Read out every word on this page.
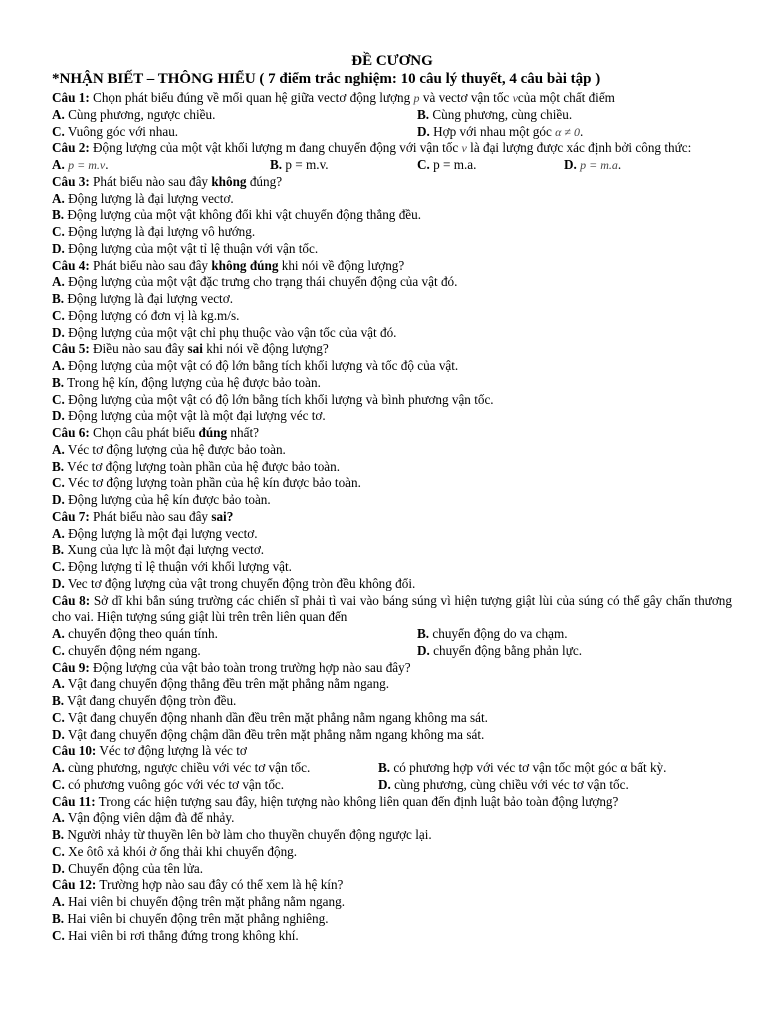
ĐỀ CƯƠNG
*NHẬN BIẾT – THÔNG HIỂU ( 7 điểm trắc nghiệm: 10 câu lý thuyết, 4 câu bài tập )
Câu 1: Chọn phát biểu đúng về mối quan hệ giữa vectơ động lượng p và vectơ vận tốc vcủa một chất điểm
A. Cùng phương, ngược chiều.	B. Cùng phương, cùng chiều.
C. Vuông góc với nhau.	D. Hợp với nhau một góc α ≠ 0.
Câu 2: Động lượng của một vật khối lượng m đang chuyển động với vận tốc v là đại lượng được xác định bởi công thức:
A. p = m.v.	B. p = m.v.	C. p = m.a.	D. p = m.a.
Câu 3: Phát biểu nào sau đây không đúng?
A. Động lượng là đại lượng vectơ.
B. Động lượng của một vật không đổi khi vật chuyển động thẳng đều.
C. Động lượng là đại lượng vô hướng.
D. Động lượng của một vật tỉ lệ thuận với vận tốc.
Câu 4: Phát biểu nào sau đây không đúng khi nói về động lượng?
A. Động lượng của một vật đặc trưng cho trạng thái chuyển động của vật đó.
B. Động lượng là đại lượng vectơ.
C. Động lượng có đơn vị là kg.m/s.
D. Động lượng của một vật chỉ phụ thuộc vào vận tốc của vật đó.
Câu 5: Điều nào sau đây sai khi nói về động lượng?
A. Động lượng của một vật có độ lớn bằng tích khối lượng và tốc độ của vật.
B. Trong hệ kín, động lượng của hệ được bảo toàn.
C. Động lượng của một vật có độ lớn bằng tích khối lượng và bình phương vận tốc.
D. Động lượng của một vật là một đại lượng véc tơ.
Câu 6: Chọn câu phát biểu đúng nhất?
A. Véc tơ động lượng của hệ được bảo toàn.
B. Véc tơ động lượng toàn phần của hệ được bảo toàn.
C. Véc tơ động lượng toàn phần của hệ kín được bảo toàn.
D. Động lượng của hệ kín được bảo toàn.
Câu 7: Phát biểu nào sau đây sai?
A. Động lượng là một đại lượng vectơ.
B. Xung của lực là một đại lượng vectơ.
C. Động lượng tỉ lệ thuận với khối lượng vật.
D. Vec tơ động lượng của vật trong chuyển động tròn đều không đổi.
Câu 8: Sở dĩ khi bắn súng trường các chiến sĩ phải tì vai vào báng súng vì hiện tượng giật lùi của súng có thể gây chấn thương cho vai. Hiện tượng súng giật lùi trên trên liên quan đến
A. chuyển động theo quán tính.	B. chuyển động do va chạm.
C. chuyển động ném ngang.	D. chuyển động bằng phản lực.
Câu 9: Động lượng của vật bảo toàn trong trường hợp nào sau đây?
A. Vật đang chuyển động thẳng đều trên mặt phẳng nằm ngang.
B. Vật đang chuyển động tròn đều.
C. Vật đang chuyển động nhanh dần đều trên mặt phẳng nằm ngang không ma sát.
D. Vật đang chuyển động chậm dần đều trên mặt phẳng nằm ngang không ma sát.
Câu 10: Véc tơ động lượng là véc tơ
A. cùng phương, ngược chiều với véc tơ vận tốc.	B. có phương hợp với véc tơ vận tốc một góc α bất kỳ.
C. có phương vuông góc với véc tơ vận tốc.	D. cùng phương, cùng chiều với véc tơ vận tốc.
Câu 11: Trong các hiện tượng sau đây, hiện tượng nào không liên quan đến định luật bảo toàn động lượng?
A. Vận động viên dậm đà để nhảy.
B. Người nhảy từ thuyền lên bờ làm cho thuyền chuyển động ngược lại.
C. Xe ôtô xả khói ở ống thải khi chuyển động.
D. Chuyển động của tên lửa.
Câu 12: Trường hợp nào sau đây có thể xem là hệ kín?
A. Hai viên bi chuyển động trên mặt phẳng nằm ngang.
B. Hai viên bi chuyển động trên mặt phẳng nghiêng.
C. Hai viên bi rơi thẳng đứng trong không khí.
